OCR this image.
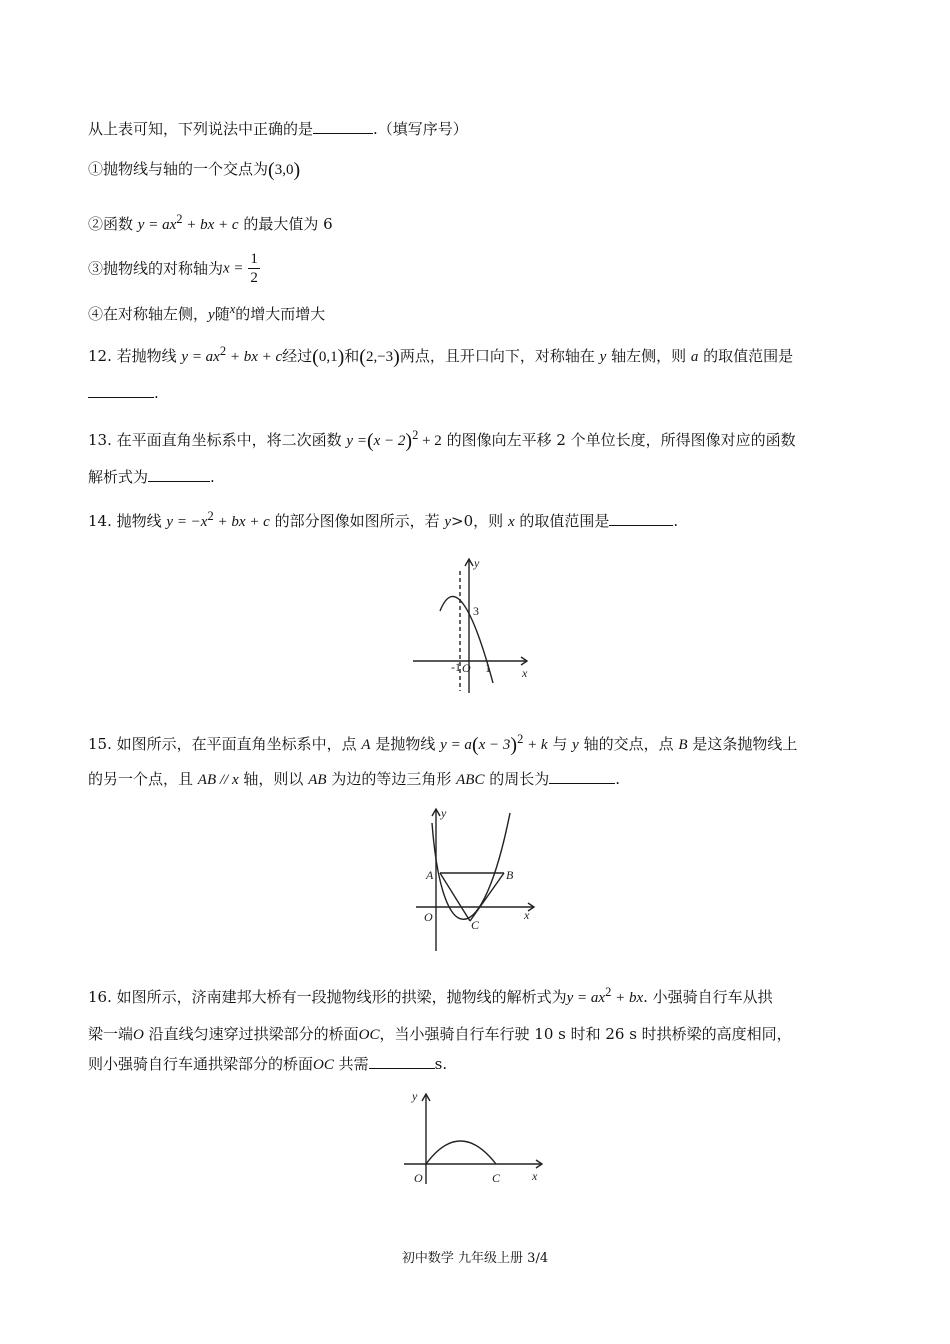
从上表可知，下列说法中正确的是	.（填写序号）
①抛物线与轴的一个交点为(3,0)
②函数 $y = ax^2$ + bx + c 的最大值为 6
③抛物线的对称轴为$x = \frac{1}{2}$
④在对称轴左侧，y随$^x$的增大而增大
12. 若抛物线 $y = ax^2$ + bx + c经过(0,1)和(2,−3)两点，且开口向下，对称轴在 y 轴左侧，则 a 的取值范围是
.
13. 在平面直角坐标系中，将二次函数 $y =(x - 2)^2 + 2$ 的图像向左平移 2 个单位长度，所得图像对应的函数
解析式为	.
14. 抛物线 $y = -x^2$ + bx + c 的部分图像如图所示，若 y>0，则 x 的取值范围是	.
y
x
3
-1 O 1
15. 如图所示，在平面直角坐标系中，点 A 是抛物线 $y = a(x - 3)^2 + k$ 与 y 轴的交点，点 B 是这条抛物线上
的另一个点，且 AB // x 轴，则以 AB 为边的等边三角形 ABC 的周长为	.
y
x
A	B
O
C
16. 如图所示，济南建邦大桥有一段抛物线形的拱梁，抛物线的解析式为$y = ax^2$ + bx. 小强骑自行车从拱
梁一端O 沿直线匀速穿过拱梁部分的桥面OC，当小强骑自行车行驶 10 s 时和 26 s 时拱桥梁的高度相同，
则小强骑自行车通拱梁部分的桥面OC 共需	s.
y
x
O	C
初中数学 九年级上册 3/4
